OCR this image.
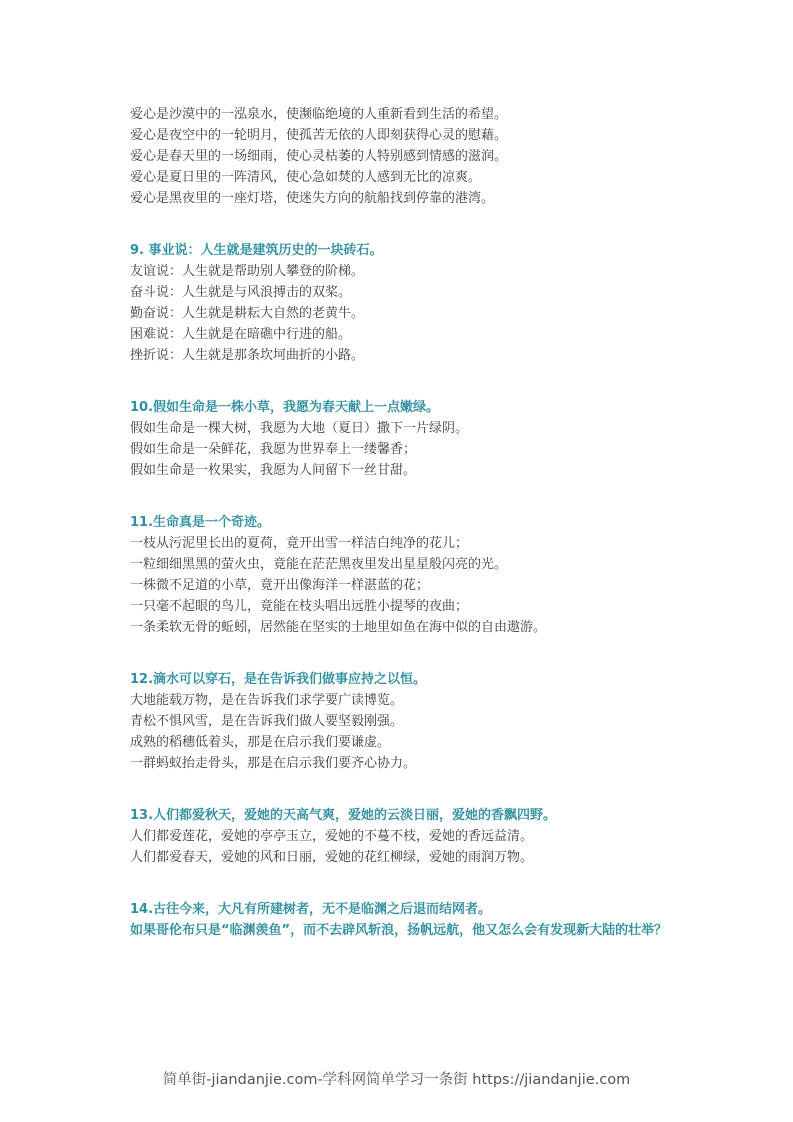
爱心是沙漠中的一泓泉水，使濒临绝境的人重新看到生活的希望。
爱心是夜空中的一轮明月，使孤苦无依的人即刻获得心灵的慰藉。
爱心是春天里的一场细雨，使心灵枯萎的人特别感到情感的滋润。
爱心是夏日里的一阵清风，使心急如焚的人感到无比的凉爽。
爱心是黑夜里的一座灯塔，使迷失方向的航船找到停靠的港湾。
9. 事业说：人生就是建筑历史的一块砖石。
友谊说：人生就是帮助别人攀登的阶梯。
奋斗说：人生就是与风浪搏击的双桨。
勤奋说：人生就是耕耘大自然的老黄牛。
困难说：人生就是在暗礁中行进的船。
挫折说：人生就是那条坎坷曲折的小路。
10.假如生命是一株小草，我愿为春天献上一点嫩绿。
假如生命是一棵大树，我愿为大地（夏日）撒下一片绿阴。
假如生命是一朵鲜花，我愿为世界奉上一缕馨香；
假如生命是一枚果实，我愿为人间留下一丝甘甜。
11.生命真是一个奇迹。
一枝从污泥里长出的夏荷，竟开出雪一样洁白纯净的花儿；
一粒细细黑黑的萤火虫，竟能在茫茫黑夜里发出星星般闪亮的光。
一株微不足道的小草，竟开出像海洋一样湛蓝的花；
一只毫不起眼的鸟儿，竟能在枝头唱出远胜小提琴的夜曲；
一条柔软无骨的蚯蚓，居然能在坚实的土地里如鱼在海中似的自由遨游。
12.滴水可以穿石，是在告诉我们做事应持之以恒。
大地能载万物，是在告诉我们求学要广读博览。
青松不惧风雪，是在告诉我们做人要坚毅刚强。
成熟的稻穗低着头，那是在启示我们要谦虚。
一群蚂蚁抬走骨头，那是在启示我们要齐心协力。
13.人们都爱秋天，爱她的天高气爽，爱她的云淡日丽，爱她的香飘四野。
人们都爱莲花，爱她的亭亭玉立，爱她的不蔓不枝，爱她的香远益清。
人们都爱春天，爱她的风和日丽，爱她的花红柳绿，爱她的雨润万物。
14.古往今来，大凡有所建树者，无不是临渊之后退而结网者。
如果哥伦布只是“临渊羡鱼”，而不去辟风斩浪，扬帆远航，他又怎么会有发现新大陆的壮举？
简单街-jiandanjie.com-学科网简单学习一条街 https://jiandanjie.com
